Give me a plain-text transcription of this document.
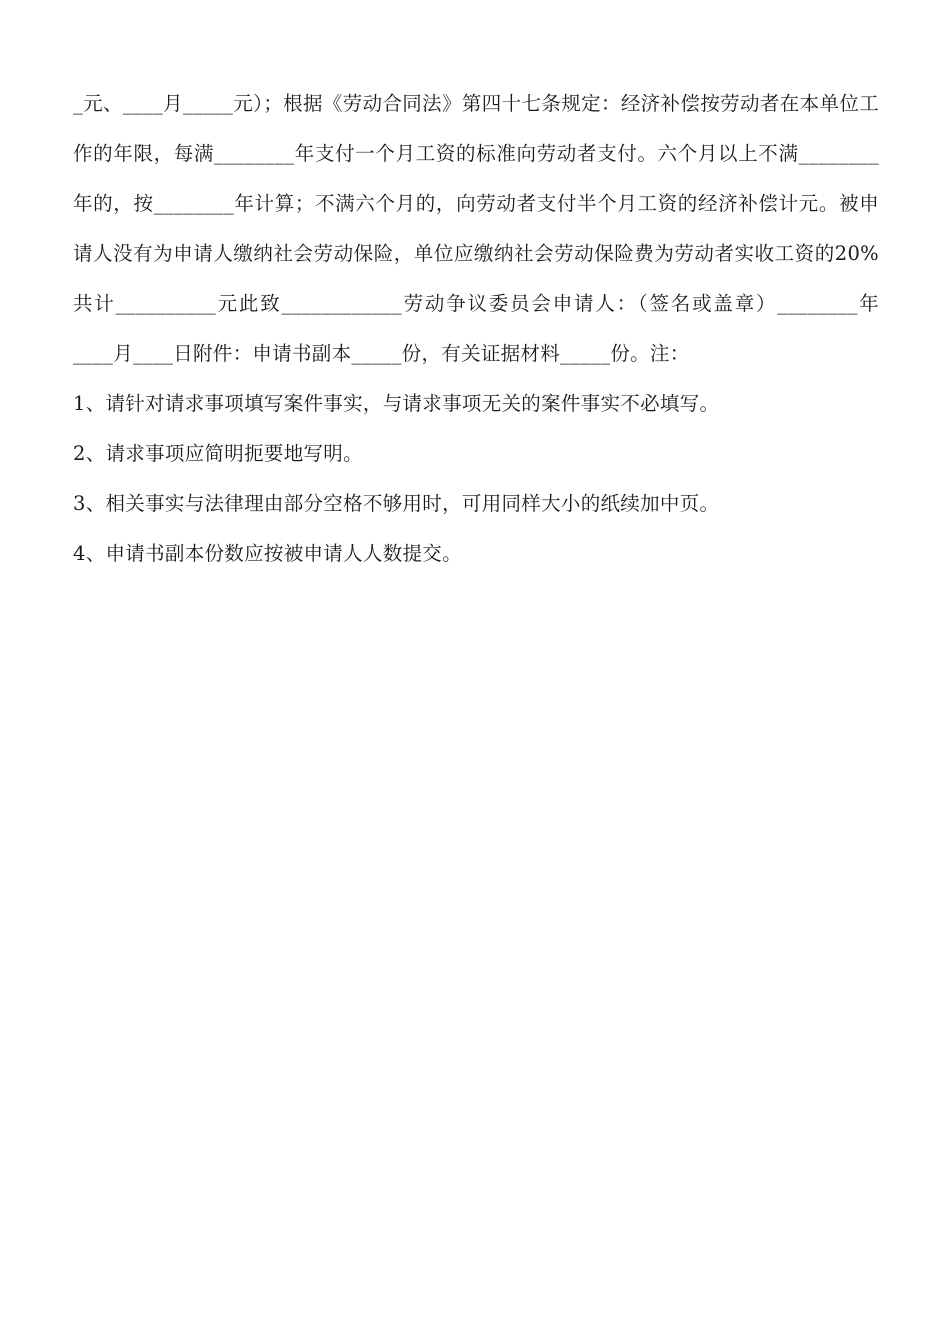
_元、____月_____元）；根据《劳动合同法》第四十七条规定：经济补偿按劳动者在本单位工作的年限，每满________年支付一个月工资的标准向劳动者支付。六个月以上不满________年的，按________年计算；不满六个月的，向劳动者支付半个月工资的经济补偿计元。被申请人没有为申请人缴纳社会劳动保险，单位应缴纳社会劳动保险费为劳动者实收工资的20%共计__________元此致____________劳动争议委员会申请人：（签名或盖章）________年____月____日附件：申请书副本_____份，有关证据材料_____份。注：

1、请针对请求事项填写案件事实，与请求事项无关的案件事实不必填写。

2、请求事项应简明扼要地写明。

3、相关事实与法律理由部分空格不够用时，可用同样大小的纸续加中页。

4、申请书副本份数应按被申请人人数提交。
